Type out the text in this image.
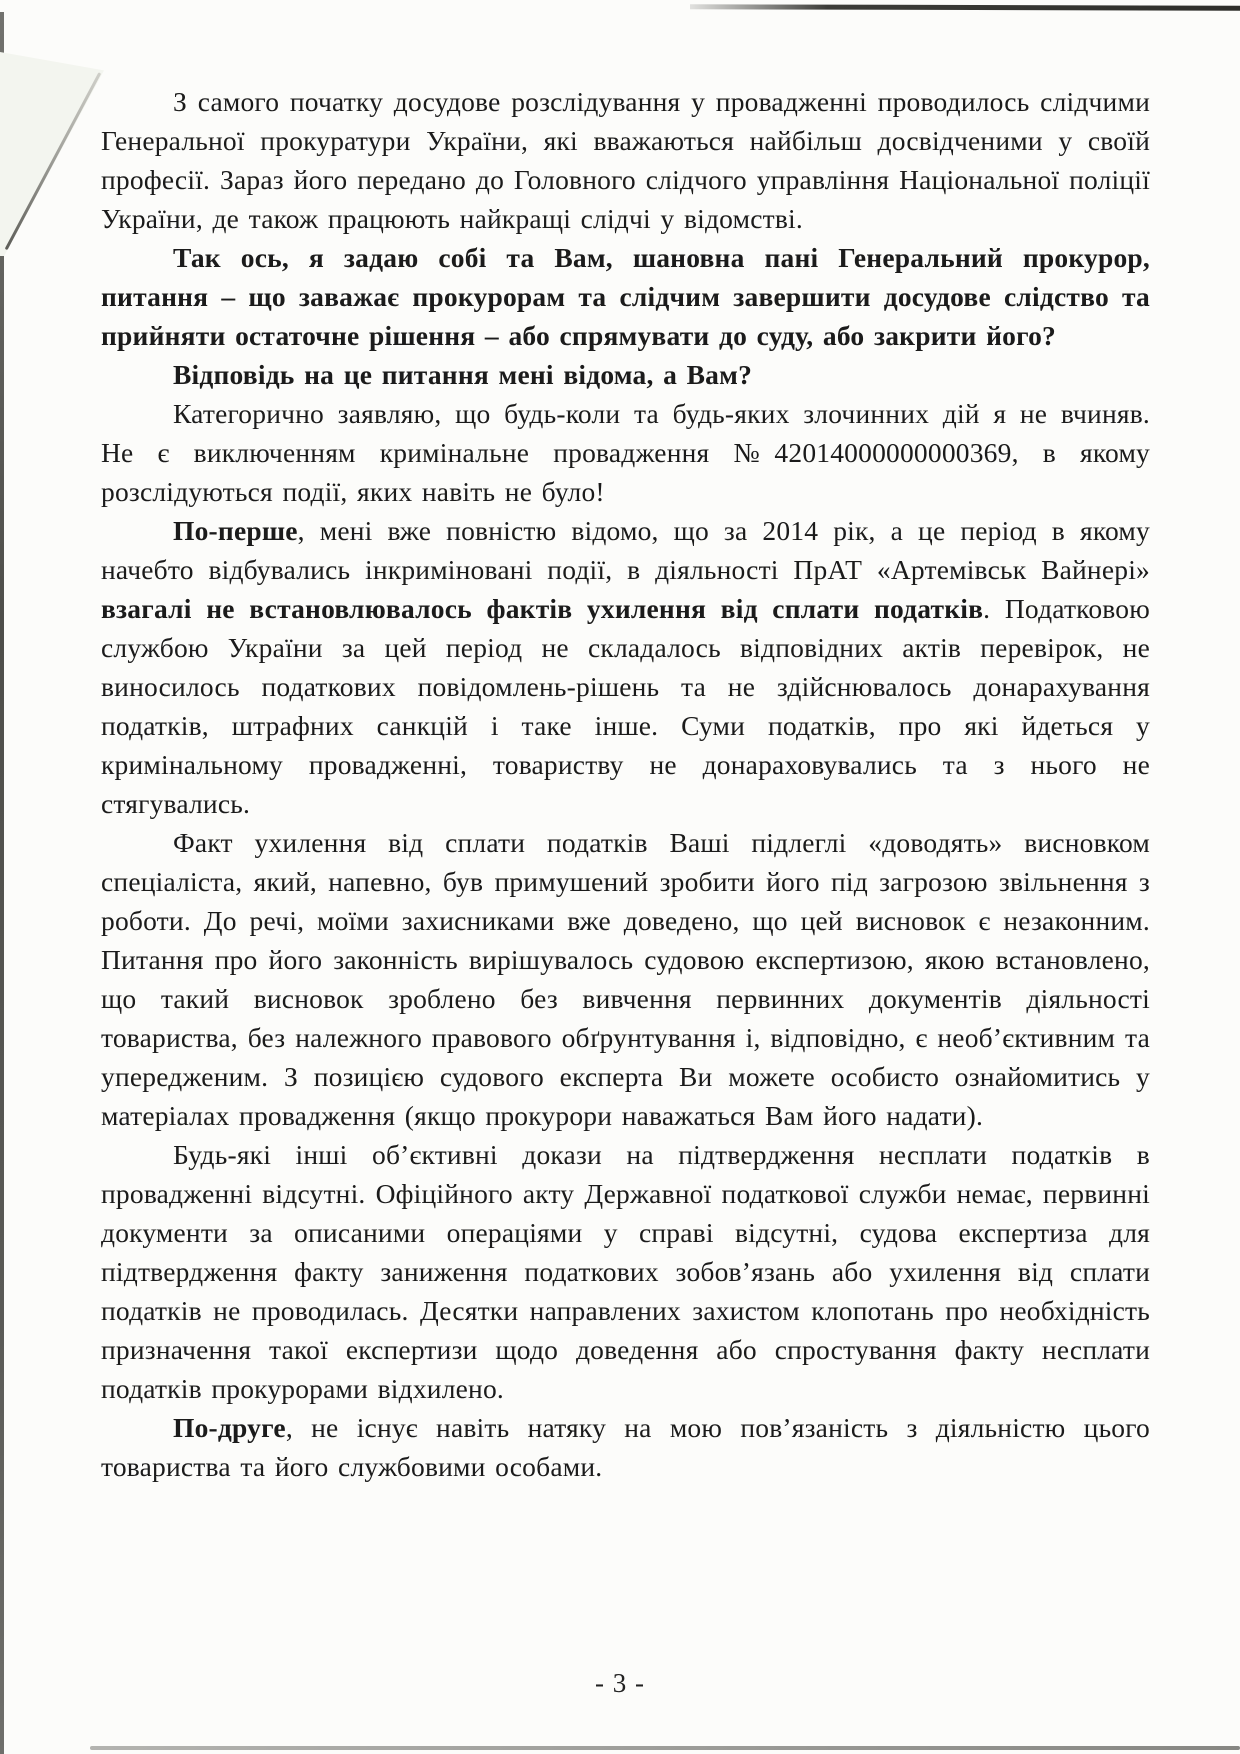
З самого початку досудове розслідування у провадженні проводилось слідчими Генеральної прокуратури України, які вважаються найбільш досвідченими у своїй професії. Зараз його передано до Головного слідчого управління Національної поліції України, де також працюють найкращі слідчі у відомстві.

Так ось, я задаю собі та Вам, шановна пані Генеральний прокурор, питання – що заважає прокурорам та слідчим завершити досудове слідство та прийняти остаточне рішення – або спрямувати до суду, або закрити його?

Відповідь на це питання мені відома, а Вам?

Категорично заявляю, що будь-коли та будь-яких злочинних дій я не вчиняв. Не є виключенням кримінальне провадження №42014000000000369, в якому розслідуються події, яких навіть не було!

По-перше, мені вже повністю відомо, що за 2014 рік, а це період в якому начебто відбувались інкриміновані події, в діяльності ПрАТ «Артемівськ Вайнері» взагалі не встановлювалось фактів ухилення від сплати податків. Податковою службою України за цей період не складалось відповідних актів перевірок, не виносилось податкових повідомлень-рішень та не здійснювалось донарахування податків, штрафних санкцій і таке інше. Суми податків, про які йдеться у кримінальному провадженні, товариству не донараховувались та з нього не стягувались.

Факт ухилення від сплати податків Ваші підлеглі «доводять» висновком спеціаліста, який, напевно, був примушений зробити його під загрозою звільнення з роботи. До речі, моїми захисниками вже доведено, що цей висновок є незаконним. Питання про його законність вирішувалось судовою експертизою, якою встановлено, що такий висновок зроблено без вивчення первинних документів діяльності товариства, без належного правового обґрунтування і, відповідно, є необ’єктивним та упередженим. З позицією судового експерта Ви можете особисто ознайомитись у матеріалах провадження (якщо прокурори наважаться Вам його надати).

Будь-які інші об’єктивні докази на підтвердження несплати податків в провадженні відсутні. Офіційного акту Державної податкової служби немає, первинні документи за описаними операціями у справі відсутні, судова експертиза для підтвердження факту заниження податкових зобов’язань або ухилення від сплати податків не проводилась. Десятки направлених захистом клопотань про необхідність призначення такої експертизи щодо доведення або спростування факту несплати податків прокурорами відхилено.

По-друге, не існує навіть натяку на мою пов’язаність з діяльністю цього товариства та його службовими особами.

- 3 -
